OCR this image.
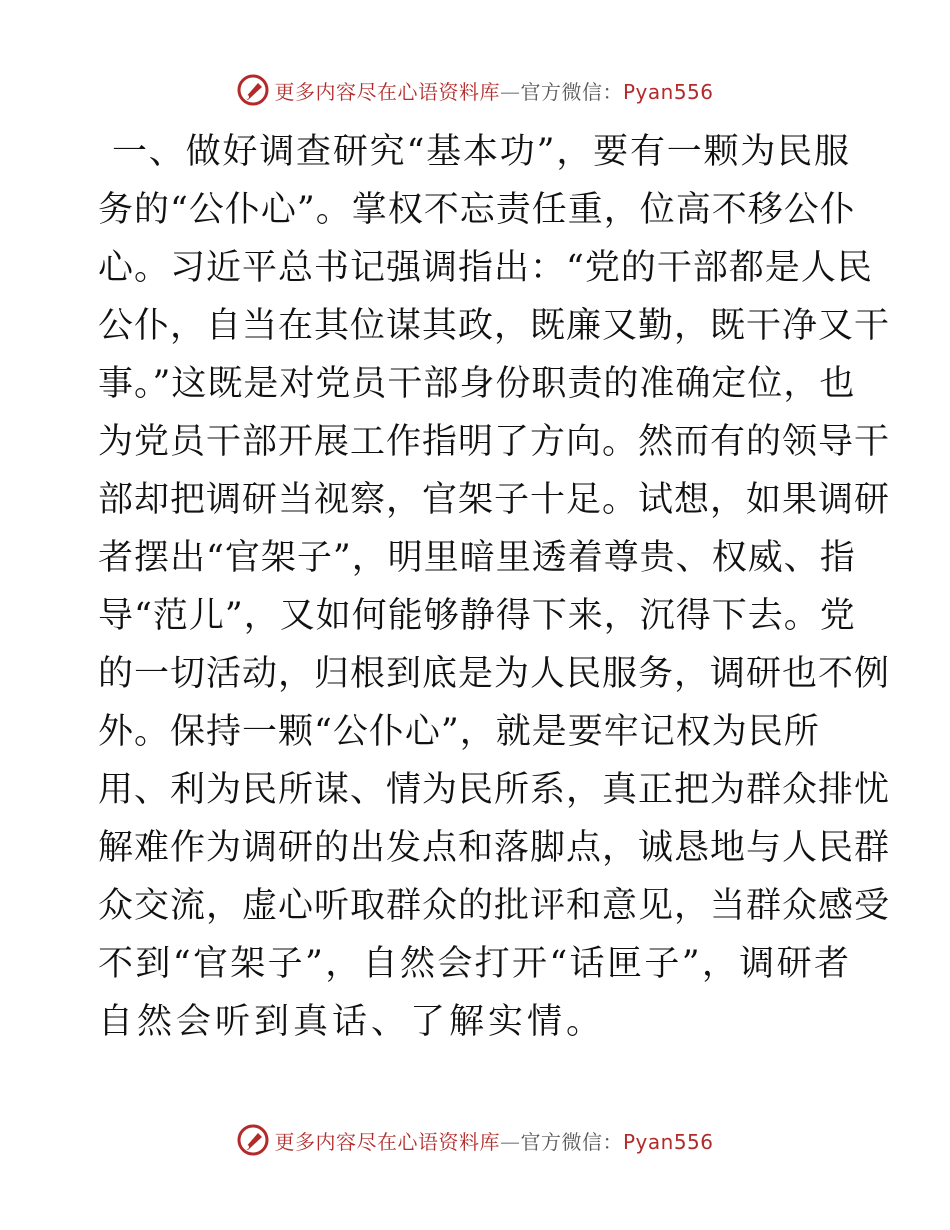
更多内容尽在心语资料库—官方微信：Pyan556
一、做好调查研究“基本功”，要有一颗为民服
务的“公仆心”。掌权不忘责任重，位高不移公仆
心。习近平总书记强调指出：“党的干部都是人民
公仆，自当在其位谋其政，既廉又勤，既干净又干
事。”这既是对党员干部身份职责的准确定位，也
为党员干部开展工作指明了方向。然而有的领导干
部却把调研当视察，官架子十足。试想，如果调研
者摆出“官架子”，明里暗里透着尊贵、权威、指
导“范儿”，又如何能够静得下来，沉得下去。党
的一切活动，归根到底是为人民服务，调研也不例
外。保持一颗“公仆心”，就是要牢记权为民所
用、利为民所谋、情为民所系，真正把为群众排忧
解难作为调研的出发点和落脚点，诚恳地与人民群
众交流，虚心听取群众的批评和意见，当群众感受
不到“官架子”，自然会打开“话匣子”，调研者
自然会听到真话、了解实情。
更多内容尽在心语资料库—官方微信：Pyan556
